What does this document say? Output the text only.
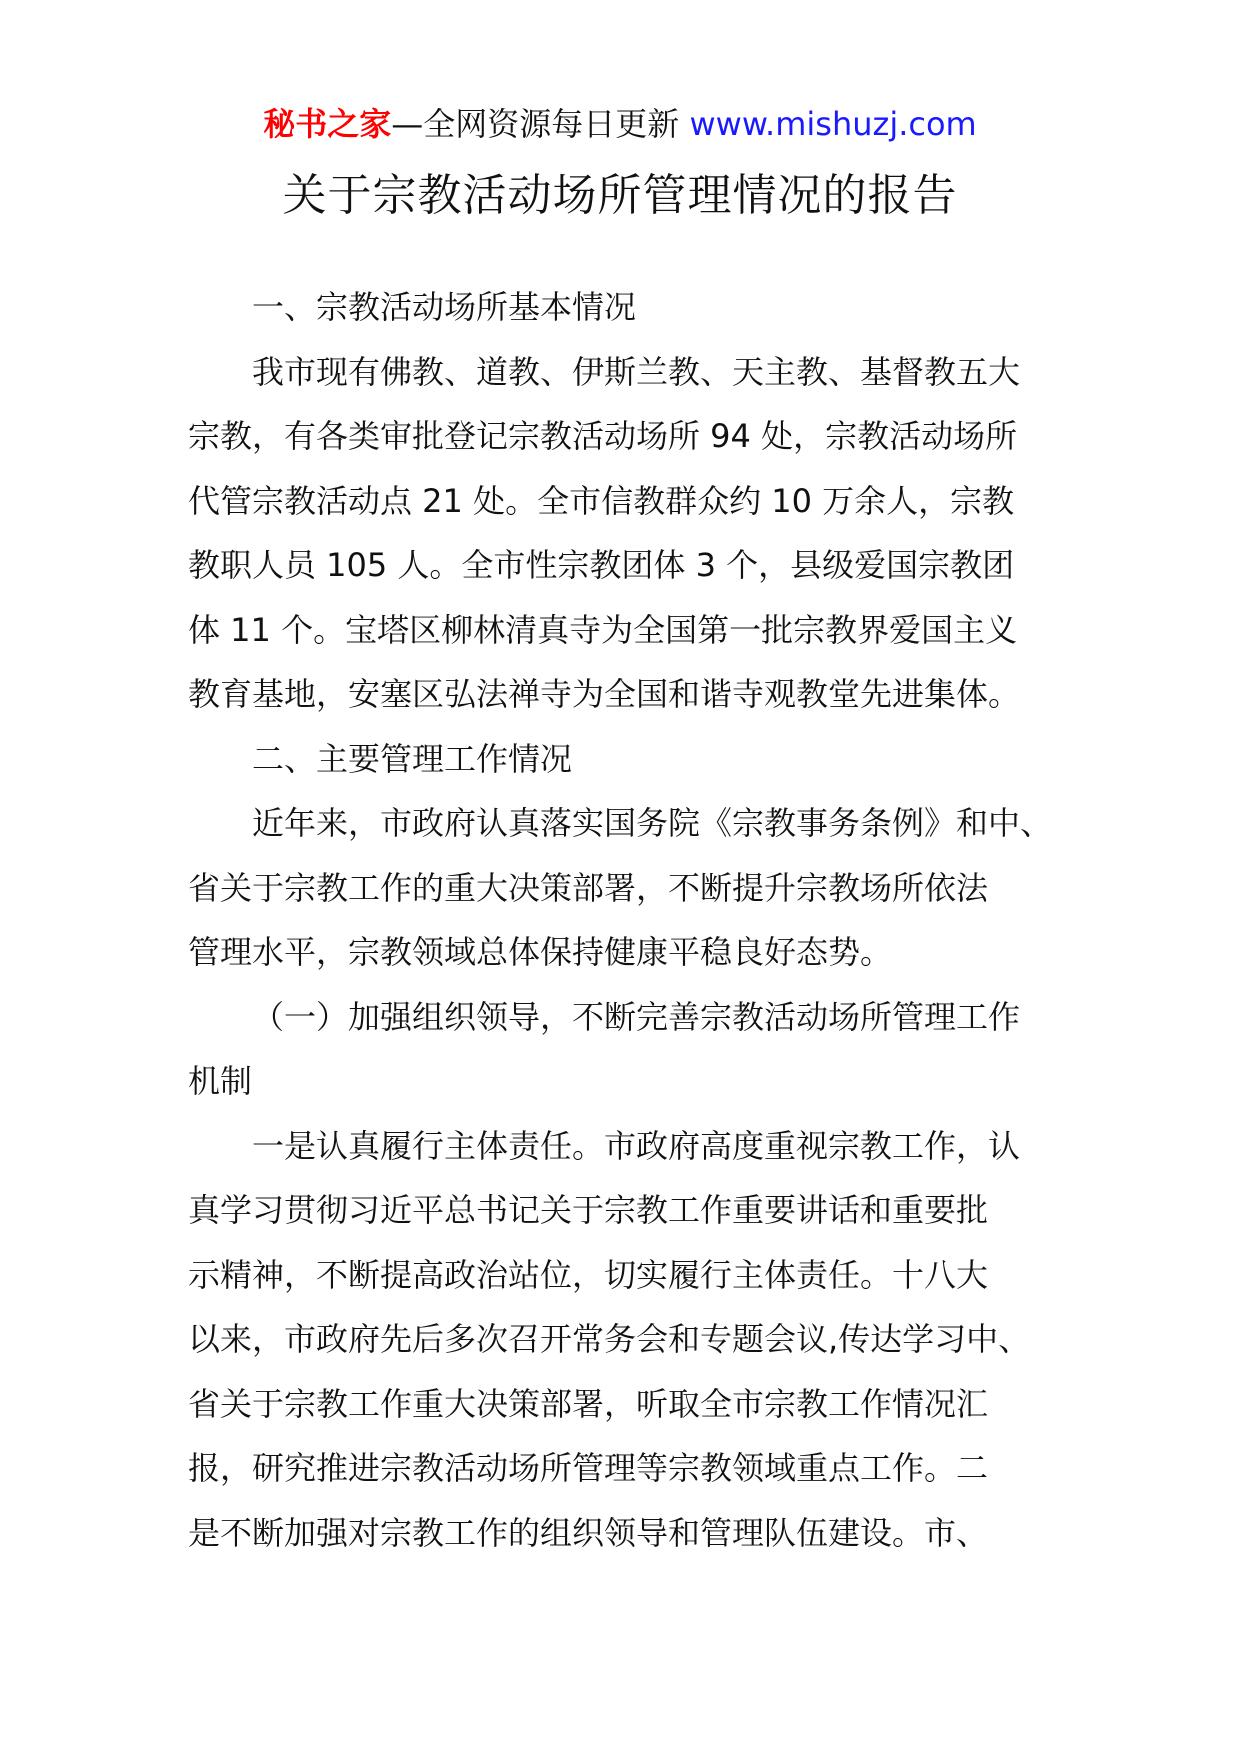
秘书之家—全网资源每日更新 www.mishuzj.com
关于宗教活动场所管理情况的报告
一、宗教活动场所基本情况
我市现有佛教、道教、伊斯兰教、天主教、基督教五大
宗教，有各类审批登记宗教活动场所 94 处，宗教活动场所
代管宗教活动点 21 处。全市信教群众约 10 万余人，宗教
教职人员 105 人。全市性宗教团体 3 个，县级爱国宗教团
体 11 个。宝塔区柳林清真寺为全国第一批宗教界爱国主义
教育基地，安塞区弘法禅寺为全国和谐寺观教堂先进集体。
二、主要管理工作情况
近年来，市政府认真落实国务院《宗教事务条例》和中、
省关于宗教工作的重大决策部署，不断提升宗教场所依法
管理水平，宗教领域总体保持健康平稳良好态势。
（一）加强组织领导，不断完善宗教活动场所管理工作
机制
一是认真履行主体责任。市政府高度重视宗教工作，认
真学习贯彻习近平总书记关于宗教工作重要讲话和重要批
示精神，不断提高政治站位，切实履行主体责任。十八大
以来，市政府先后多次召开常务会和专题会议,传达学习中、
省关于宗教工作重大决策部署，听取全市宗教工作情况汇
报，研究推进宗教活动场所管理等宗教领域重点工作。二
是不断加强对宗教工作的组织领导和管理队伍建设。市、
